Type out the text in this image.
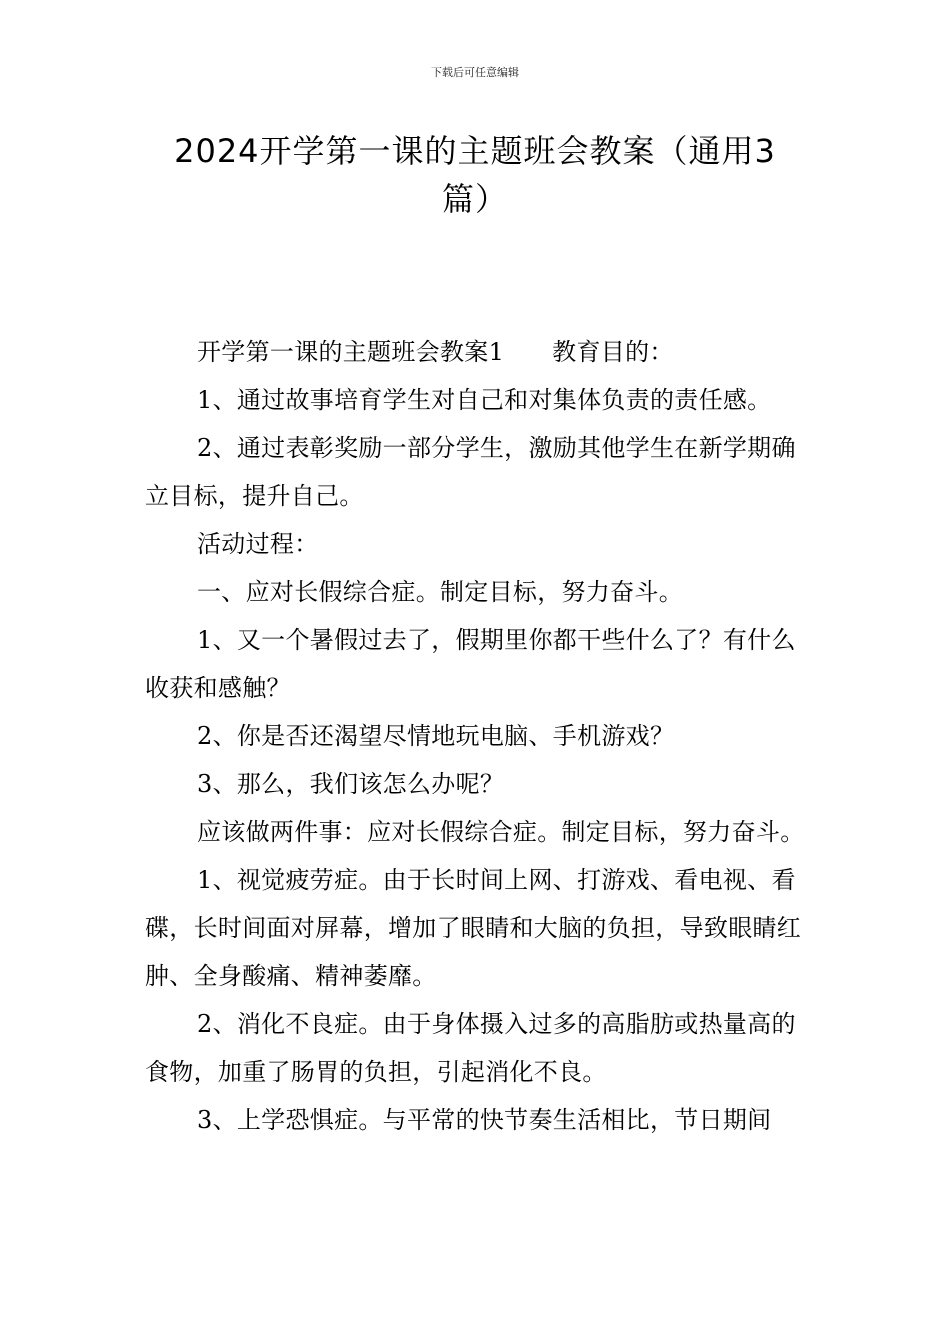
下载后可任意编辑
2024开学第一课的主题班会教案（通用3篇）

开学第一课的主题班会教案1 教育目的：

1、通过故事培育学生对自己和对集体负责的责任感。

2、通过表彰奖励一部分学生，激励其他学生在新学期确立目标，提升自己。

活动过程：

一、应对长假综合症。制定目标，努力奋斗。

1、又一个暑假过去了，假期里你都干些什么了？有什么收获和感触？

2、你是否还渴望尽情地玩电脑、手机游戏？

3、那么，我们该怎么办呢？

应该做两件事：应对长假综合症。制定目标，努力奋斗。

1、视觉疲劳症。由于长时间上网、打游戏、看电视、看碟，长时间面对屏幕，增加了眼睛和大脑的负担，导致眼睛红肿、全身酸痛、精神萎靡。

2、消化不良症。由于身体摄入过多的高脂肪或热量高的食物，加重了肠胃的负担，引起消化不良。

3、上学恐惧症。与平常的快节奏生活相比，节日期间
